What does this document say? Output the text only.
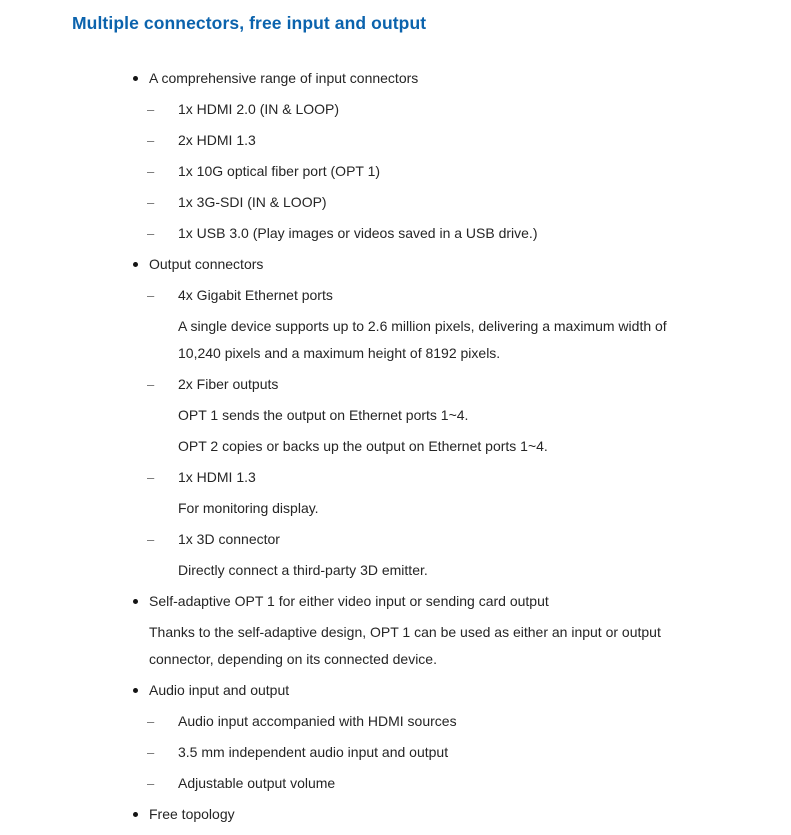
Multiple connectors, free input and output
A comprehensive range of input connectors
–	1x HDMI 2.0 (IN & LOOP)
–	2x HDMI 1.3
–	1x 10G optical fiber port (OPT 1)
–	1x 3G-SDI (IN & LOOP)
–	1x USB 3.0 (Play images or videos saved in a USB drive.)
Output connectors
–	4x Gigabit Ethernet ports
A single device supports up to 2.6 million pixels, delivering a maximum width of 10,240 pixels and a maximum height of 8192 pixels.
–	2x Fiber outputs
OPT 1 sends the output on Ethernet ports 1~4.
OPT 2 copies or backs up the output on Ethernet ports 1~4.
–	1x HDMI 1.3
For monitoring display.
–	1x 3D connector
Directly connect a third-party 3D emitter.
Self-adaptive OPT 1 for either video input or sending card output
Thanks to the self-adaptive design, OPT 1 can be used as either an input or output connector, depending on its connected device.
Audio input and output
–	Audio input accompanied with HDMI sources
–	3.5 mm independent audio input and output
–	Adjustable output volume
Free topology
